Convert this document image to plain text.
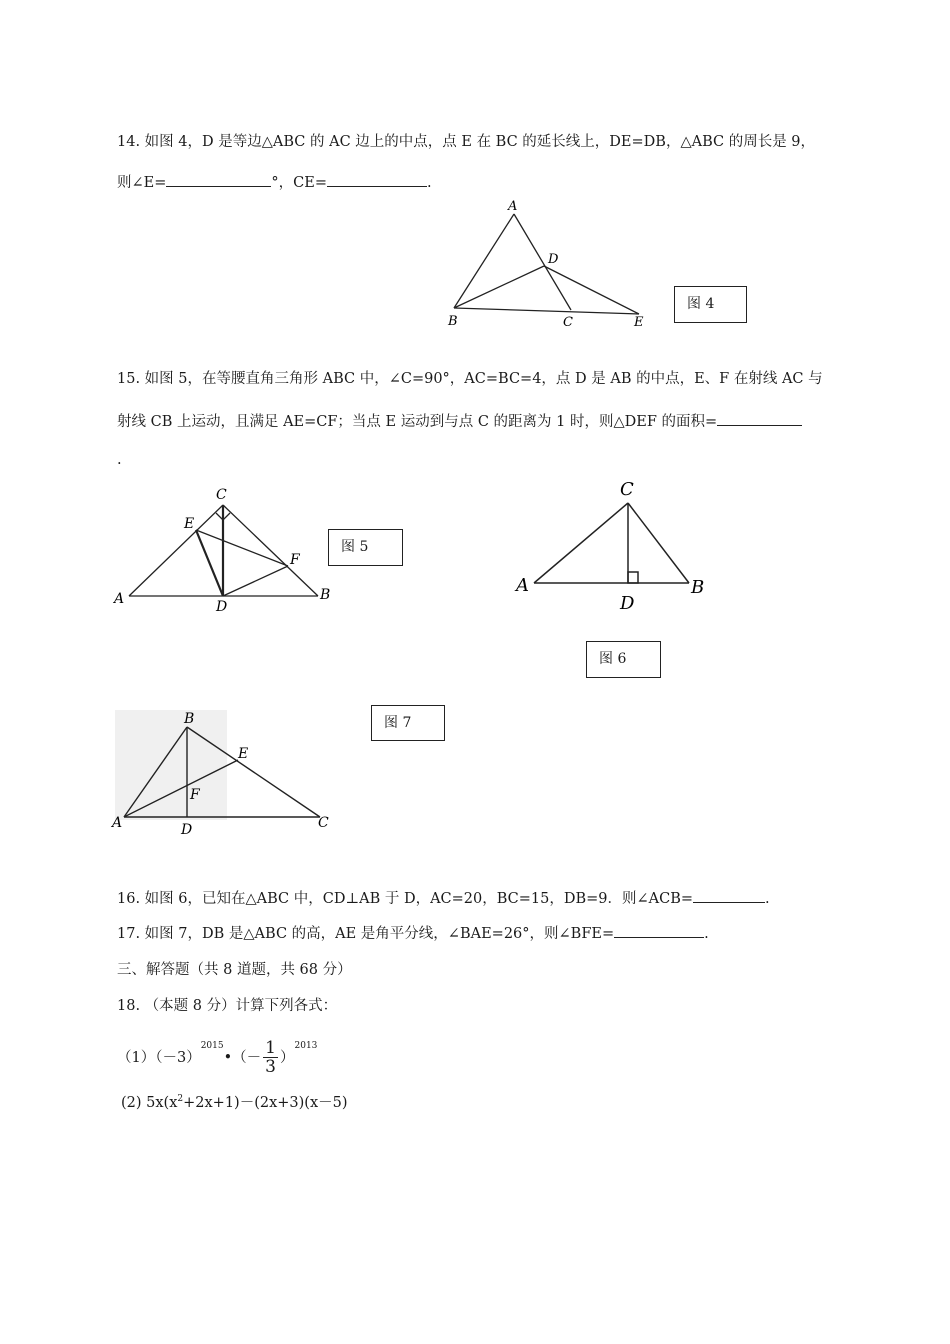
14. 如图 4，D 是等边△ABC 的 AC 边上的中点，点 E 在 BC 的延长线上，DE=DB，△ABC 的周长是 9，
则∠E=	°，CE=	.
A
B	C
D
E
图 4
15. 如图 5，在等腰直角三角形 ABC 中，∠C=90°，AC=BC=4，点 D 是 AB 的中点，E、F 在射线 AC 与
射线 CB 上运动，且满足 AE=CF；当点 E 运动到与点 C 的距离为 1 时，则△DEF 的面积=
.
C
E
F
A	D
B
图 5
C
A
D
B
图 6
B
E
F
A	D	C
图 7
16. 如图 6，已知在△ABC 中，CD⊥AB 于 D，AC=20，BC=15，DB=9．则∠ACB=	.
17. 如图 7，DB 是△ABC 的高，AE 是角平分线，∠BAE=26°，则∠BFE=	.
三、解答题（共 8 道题，共 68 分）
18. （本题 8 分）计算下列各式：
$(1)(-3)^{2015}•(- \frac{1}{3} )^{2013}$
(2) $5x(x^2+2x+1)-(2x+3)(x-5)$
